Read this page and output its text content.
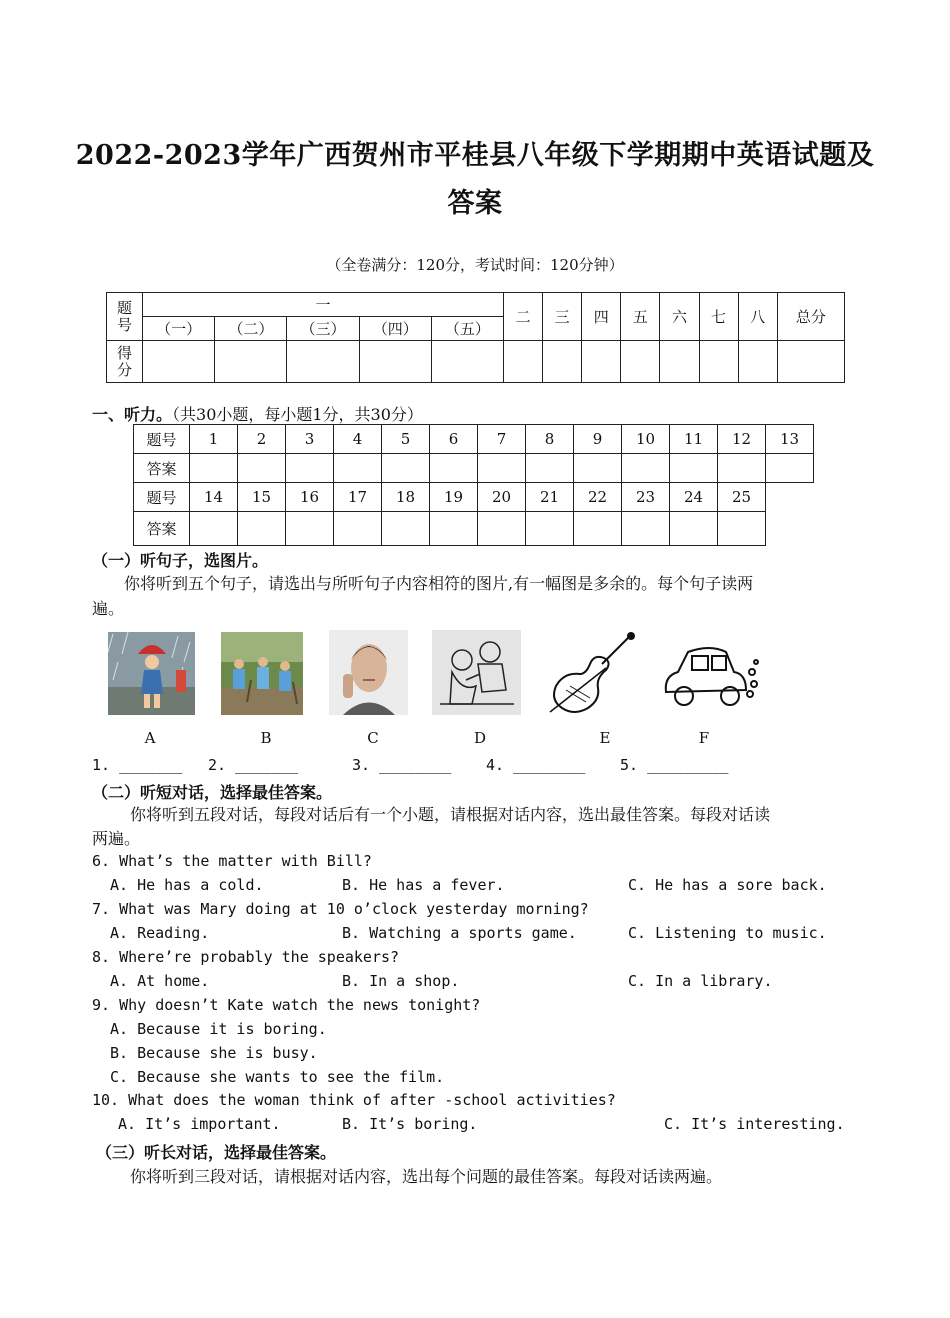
2022-2023学年广西贺州市平桂县八年级下学期期中英语试题及
答案
（全卷满分：120分，考试时间：120分钟）
题号	一					二	三	四	五	六	七	八	总分
	（一）	（二）	（三）	（四）	（五）								
得分													
一、听力。（共30小题，每小题1分，共30分）
题号	1	2	3	4	5	6	7	8	9	10	11	12	13
答案													
题号	14	15	16	17	18	19	20	21	22	23	24	25	
答案													
（一）听句子，选图片。
你将听到五个句子，请选出与所听句子内容相符的图片,有一幅图是多余的。每个句子读两
遍。
A	B	C	D	E	F
1. _______ 2. _______	3. ________ 4. ________ 5. _________
（二）听短对话，选择最佳答案。
你将听到五段对话，每段对话后有一个小题，请根据对话内容，选出最佳答案。每段对话读
两遍。
6. What’s the matter with Bill?
A. He has a cold.	B. He has a fever.	C. He has a sore back.
7. What was Mary doing at 10 o’clock yesterday morning?
A. Reading.	B. Watching a sports game.	C. Listening to music.
8. Where’re probably the speakers?
A. At home.	B. In a shop.	C. In a library.
9. Why doesn’t Kate watch the news tonight?
A. Because it is boring.
B. Because she is busy.
C. Because she wants to see the film.
10. What does the woman think of after -school activities?
A. It’s important.	B. It’s boring.	C. It’s interesting.
（三）听长对话，选择最佳答案。
你将听到三段对话，请根据对话内容，选出每个问题的最佳答案。每段对话读两遍。
